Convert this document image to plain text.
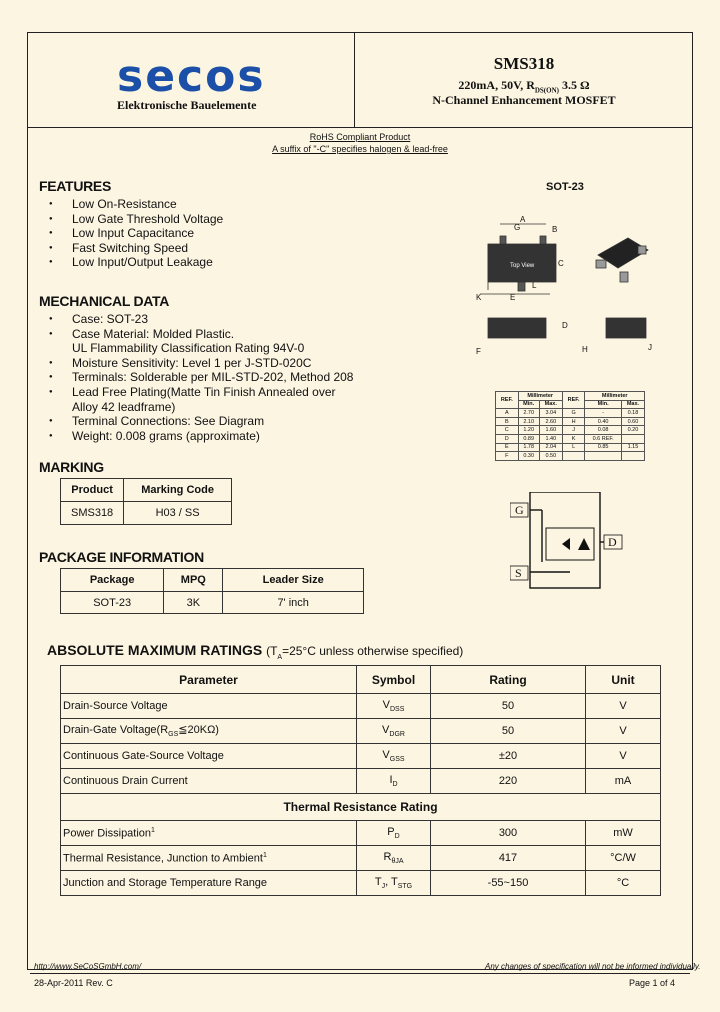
secos
Elektronische Bauelemente
SMS318
220mA, 50V, $R_{DS(ON)}$ 3.5 Ω
N-Channel Enhancement MOSFET
RoHS Compliant Product
A suffix of "-C" specifies halogen & lead-free
FEATURES
● Low On-Resistance
● Low Gate Threshold Voltage
● Low Input Capacitance
● Fast Switching Speed
● Low Input/Output Leakage
MECHANICAL DATA
● Case: SOT-23
● Case Material: Molded Plastic.
UL Flammability Classification Rating 94V-0
● Moisture Sensitivity: Level 1 per J-STD-020C
● Terminals: Solderable per MIL-STD-202, Method 208
● Lead Free Plating(Matte Tin Finish Annealed over
Alloy 42 leadframe)
● Terminal Connections: See Diagram
● Weight: 0.008 grams (approximate)
MARKING
Product	Marking Code
SMS318	H03 / SS
PACKAGE INFORMATION
Package	MPQ	Leader Size
SOT-23	3K	7' inch
SOT-23
Top View
A
B
C
D
E
F
G
H	J
K
L
REF.	Millimeter		REF.	Millimeter	
	Min.	Max.		Min.	Max.
A	2.70	3.04	G	-	0.18
B	2.10	2.60	H	0.40	0.60
C	1.20	1.60	J	0.08	0.20
D	0.89	1.40	K	0.6 REF.	
E	1.78	2.04	L	0.85	1.15
F	0.30	0.50			
G
D
S
ABSOLUTE MAXIMUM RATINGS ($T_A=25^\circ C$ unless otherwise specified)
Parameter	Symbol	Rating	Unit
Drain-Source Voltage	$V_{DSS}$	50	V
Drain-Gate $Voltage(R_{GS}≦20K\Omega)$	$V_{DGR}$	50	V
Continuous Gate-Source Voltage	$V_{GSS}$	±20	V
Continuous Drain Current	$I_D$	220	mA
Thermal Resistance Rating			
Power Dissipation$^1$	$P_D$	300	mW
Thermal Resistance, Junction to Ambient$^1$	$R_{\theta JA}$	417	°C/W
Junction and Storage Temperature Range	$T_J$, $T_{STG}$	-55~150	°C
http://www.SeCoSGmbH.com/	Any changes of specification will not be informed individually.
28-Apr-2011 Rev. C	Page 1 of 4
